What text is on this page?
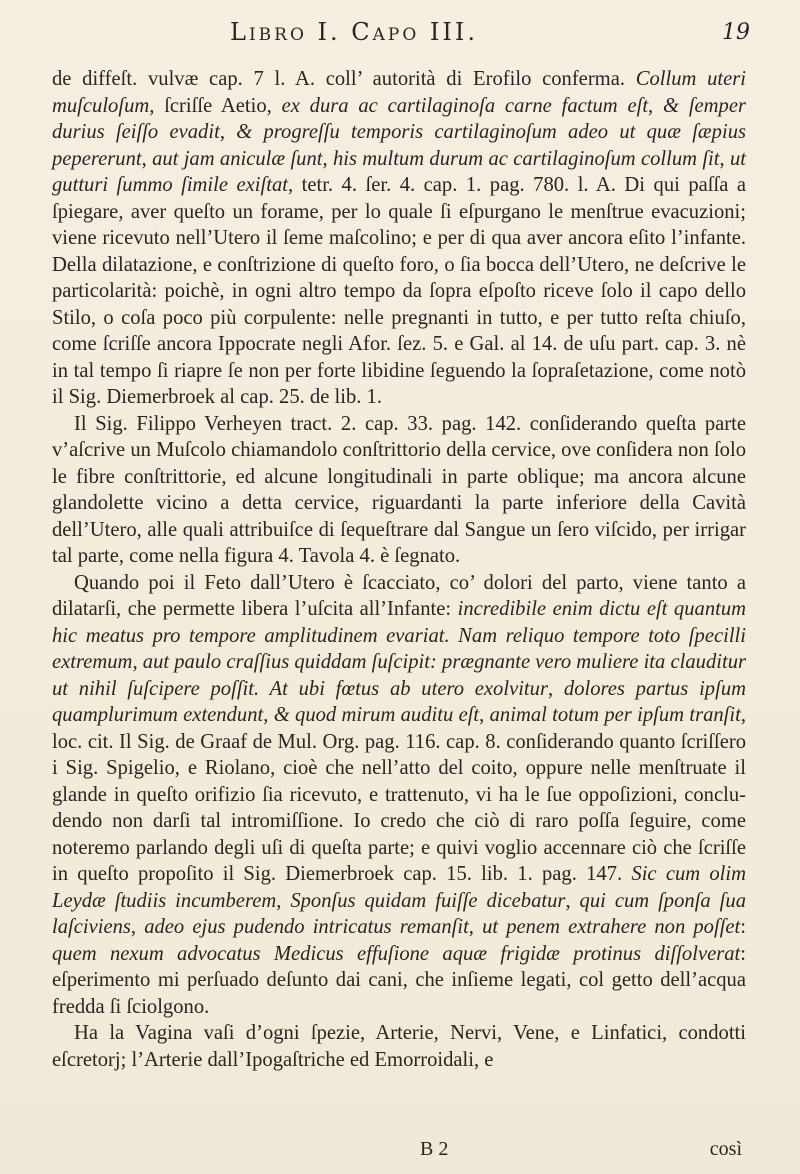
Libro I. Capo III.	19

de diffeſt. vulvæ cap. 7 l. A. coll’ autorità di Erofilo conferma. Collum uteri muſculoſum, ſcriſſe Aetio, ex dura ac cartilaginoſa carne factum eſt, & ſemper durius ſeiſſo evadit, & progreſſu temporis cartilaginoſum adeo ut quæ ſæpius pepererunt, aut jam aniculæ ſunt, his multum durum ac cartilaginoſum collum ſit, ut gutturi ſummo ſimile exiſtat, tetr. 4. ſer. 4. cap. 1. pag. 780. l. A. Di qui paſſa a ſpiegare, aver queſto un forame, per lo quale ſi eſpurgano le menſtrue evacuzioni; viene ricevuto nell’Utero il ſeme maſcolino; e per di qua aver ancora eſito l’infante. Della dilatazione, e conſtrizione di queſto foro, o ſia bocca dell’Utero, ne deſcrive le particolarità: poichè, in ogni altro tempo da ſopra eſpoſto riceve ſolo il capo dello Stilo, o coſa poco più corpulente: nelle pregnanti in tutto, e per tutto reſta chiuſo, come ſcriſſe ancora Ippocrate negli Afor. ſez. 5. e Gal. al 14. de uſu part. cap. 3. nè in tal tempo ſi riapre ſe non per forte libidine ſeguendo la ſopraſetazione, come notò il Sig. Diemerbroek al cap. 25. de lib. 1.

Il Sig. Filippo Verheyen tract. 2. cap. 33. pag. 142. conſiderando queſta parte v’aſcrive un Muſcolo chiamandolo conſtrittorio della cervice, ove conſidera non ſolo le fibre conſtrittorie, ed alcune longitudinali in parte oblique; ma ancora alcune glandolette vicino a detta cervice, riguardanti la parte inferiore della Cavità dell’Utero, alle quali attribuiſce di ſequeſtrare dal Sangue un ſero viſcido, per irrigar tal parte, come nella figura 4. Tavola 4. è ſegnato.

Quando poi il Feto dall’Utero è ſcacciato, co’ dolori del parto, viene tanto a dilatarſi, che permette libera l’uſcita all’Infante: incredibile enim dictu eſt quantum hic meatus pro tempore amplitudinem evariat. Nam reliquo tempore toto ſpecilli extremum, aut paulo craſſius quiddam ſuſcipit: prægnante vero muliere ita clauditur ut nihil ſuſcipere poſſit. At ubi fœtus ab utero exolvitur, dolores partus ipſum quamplurimum extendunt, & quod mirum auditu eſt, animal totum per ipſum tranſit, loc. cit. Il Sig. de Graaf de Mul. Org. pag. 116. cap. 8. conſiderando quanto ſcriſſero i Sig. Spigelio, e Riolano, cioè che nell’atto del coito, oppure nelle menſtruate il glande in queſto orifizio ſia ricevuto, e trattenuto, vi ha le ſue oppoſizioni, concludendo non darſi tal intromiſſione. Io credo che ciò di raro poſſa ſeguire, come noteremo parlando degli uſi di queſta parte; e quivi voglio accennare ciò che ſcriſſe in queſto propoſito il Sig. Diemerbroek cap. 15. lib. 1. pag. 147. Sic cum olim Leydæ ſtudiis incumberem, Sponſus quidam fuiſſe dicebatur, qui cum ſponſa ſua laſciviens, adeo ejus pudendo intricatus remanſit, ut penem extrahere non poſſet: quem nexum advocatus Medicus effuſione aquæ frigidæ protinus diſſolverat: eſperimento mi perſuado deſunto dai cani, che inſieme legati, col getto dell’acqua fredda ſi ſciolgono.

Ha la Vagina vaſi d’ogni ſpezie, Arterie, Nervi, Vene, e Linfatici, condotti eſcretorj; l’Arterie dall’Ipogaſtriche ed Emorroidali, e

B 2	così
